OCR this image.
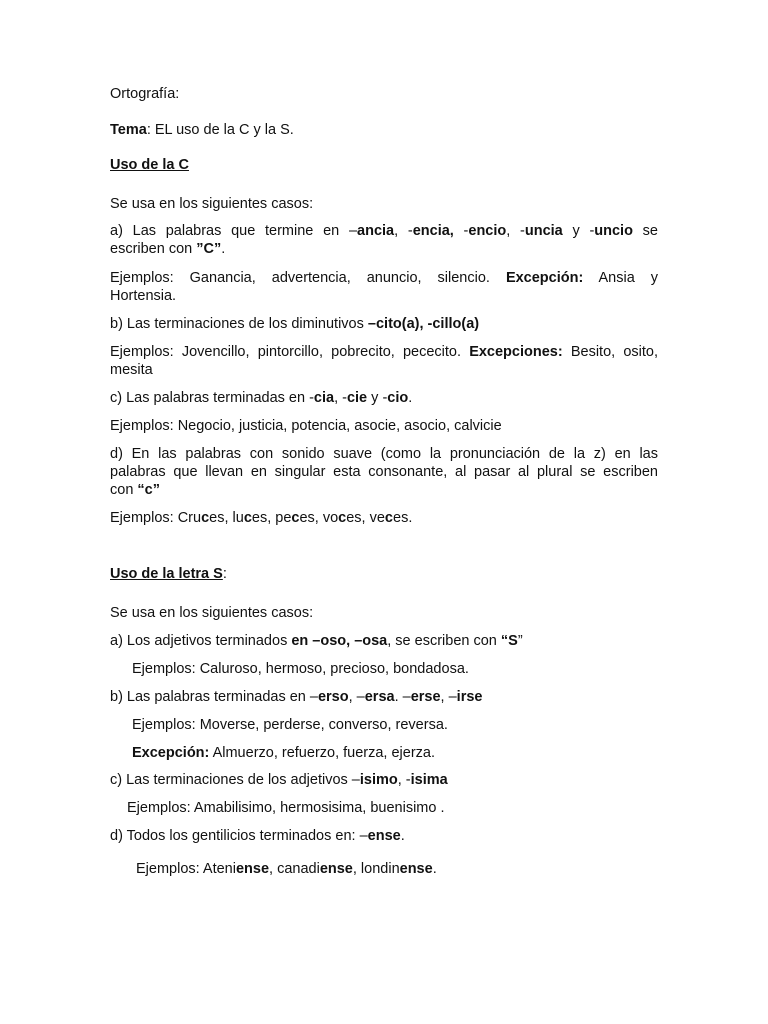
Ortografía:
Tema: EL uso de la C y la S.
Uso de la C
Se usa en los siguientes casos:
a) Las palabras que termine en –ancia, -encia, -encio, -uncia y -uncio se
escriben con ”C”.
Ejemplos: Ganancia, advertencia, anuncio, silencio. Excepción: Ansia y
Hortensia.
b) Las terminaciones de los diminutivos –cito(a), -cillo(a)
Ejemplos: Jovencillo, pintorcillo, pobrecito, pececito. Excepciones: Besito, osito,
mesita
c) Las palabras terminadas en -cia, -cie y -cio.
Ejemplos: Negocio, justicia, potencia, asocie, asocio, calvicie
d) En las palabras con sonido suave (como la pronunciación de la z) en las
palabras que llevan en singular esta consonante, al pasar al plural se escriben
con “c”
Ejemplos: Cruces, luces, peces, voces, veces.
Uso de la letra S:
Se usa en los siguientes casos:
a) Los adjetivos terminados en –oso, –osa, se escriben con “S”
Ejemplos: Caluroso, hermoso, precioso, bondadosa.
b) Las palabras terminadas en –erso, –ersa. –erse, –irse
Ejemplos: Moverse, perderse, converso, reversa.
Excepción: Almuerzo, refuerzo, fuerza, ejerza.
c) Las terminaciones de los adjetivos –isimo, -isima
Ejemplos: Amabilisimo, hermosisima, buenisimo .
d) Todos los gentilicios terminados en: –ense.
Ejemplos: Ateniense, canadiense, londinense.
